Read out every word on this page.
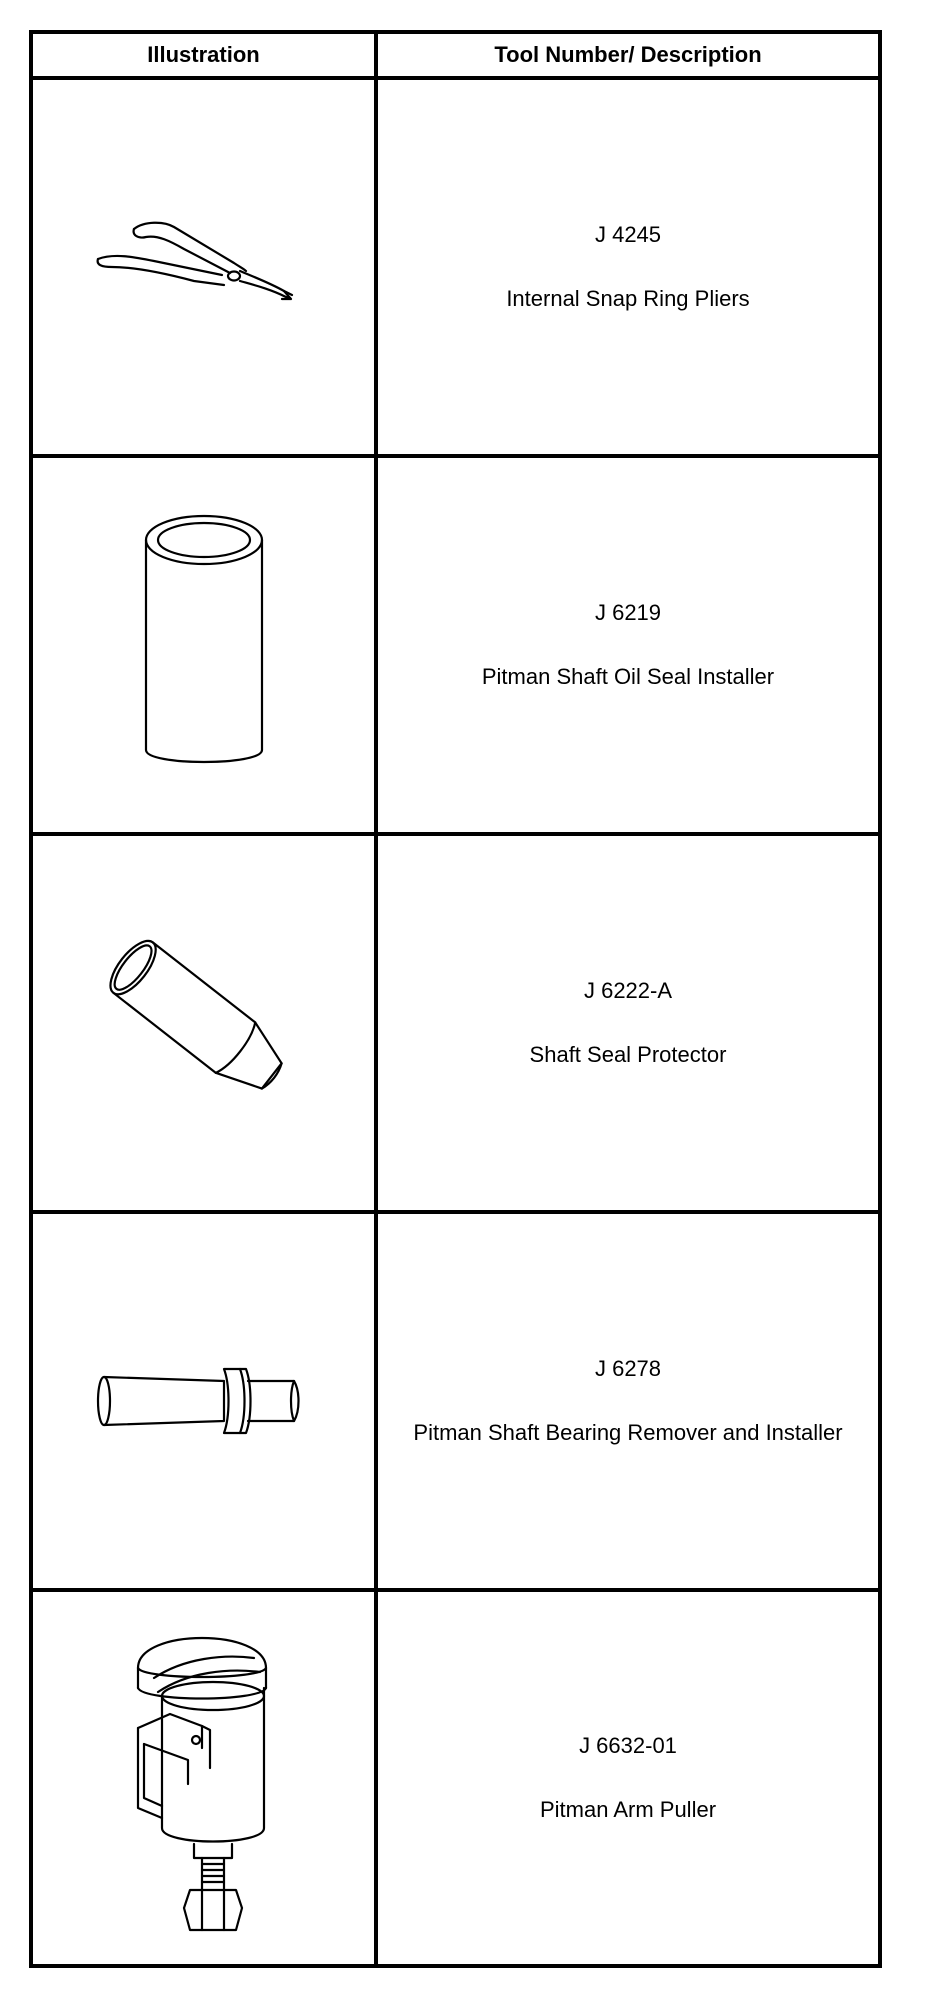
Illustration	Tool Number/ Description
J 4245
Internal Snap Ring Pliers
J 6219
Pitman Shaft Oil Seal Installer
J 6222-A
Shaft Seal Protector
J 6278
Pitman Shaft Bearing Remover and Installer
J 6632-01
Pitman Arm Puller
